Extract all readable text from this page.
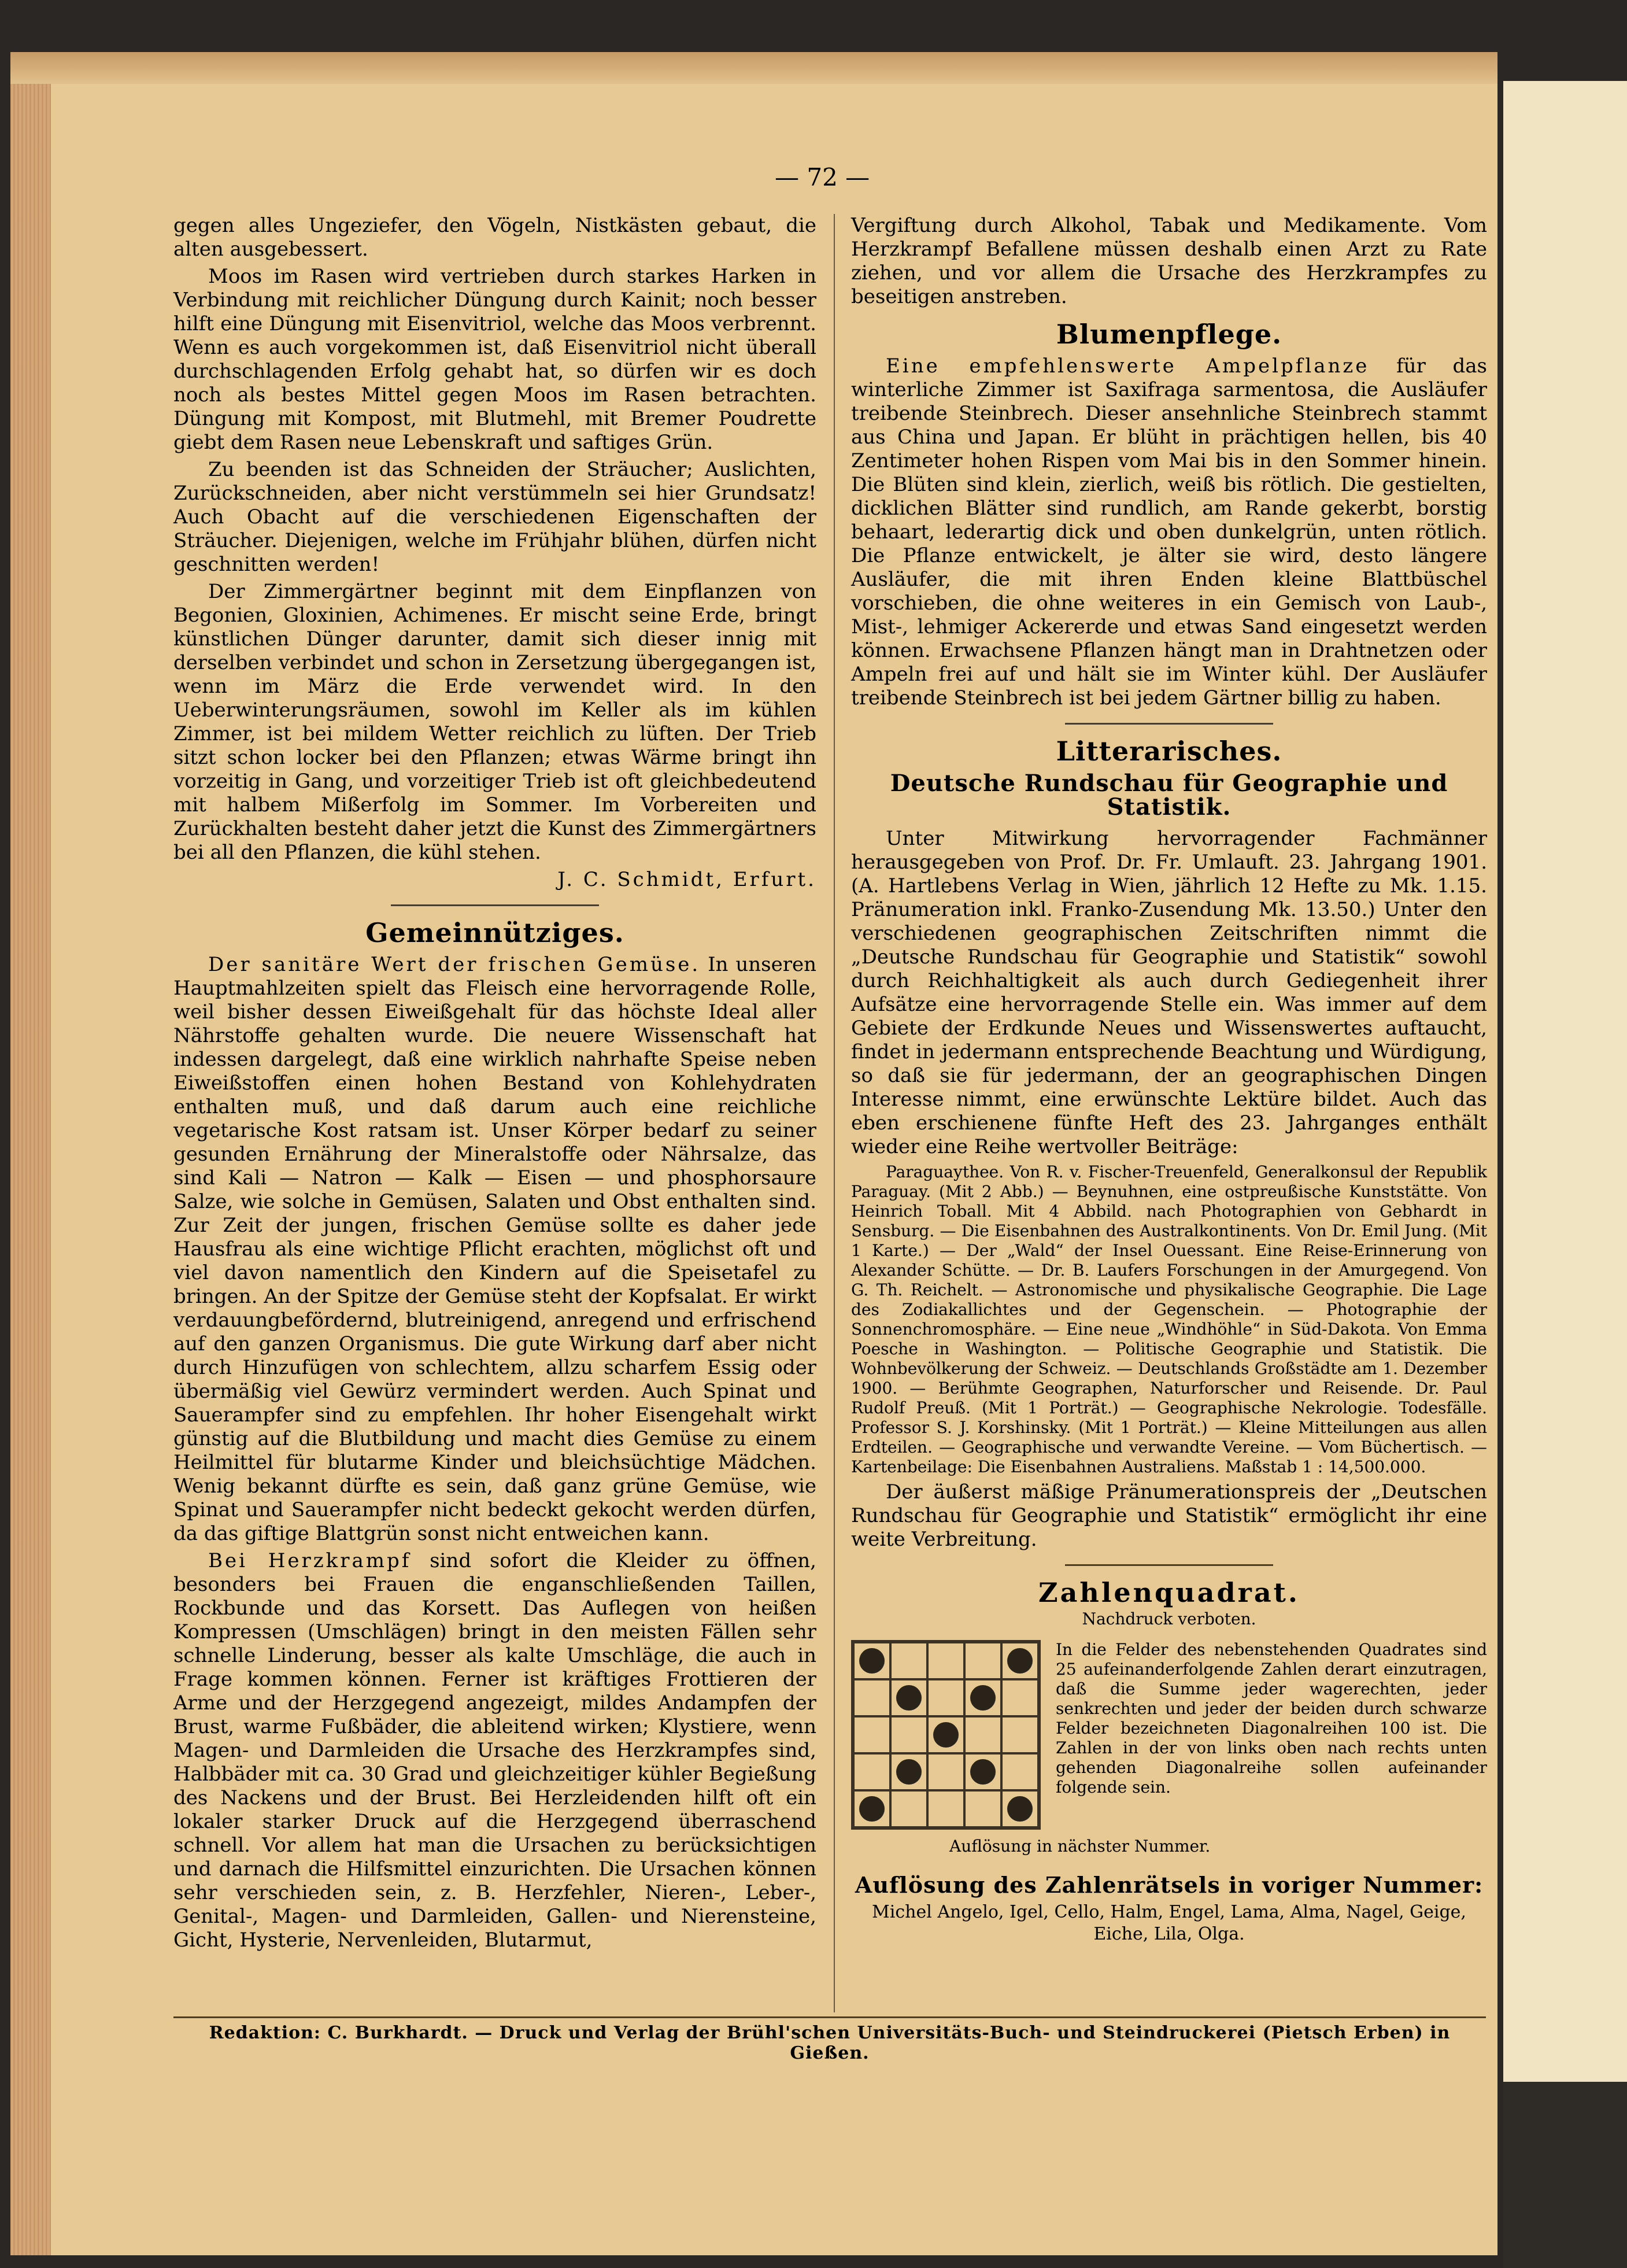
— 72 —

gegen alles Ungeziefer, den Vögeln, Nistkästen gebaut, die alten ausgebessert.

Moos im Rasen wird vertrieben durch starkes Harken in Verbindung mit reichlicher Düngung durch Kainit; noch besser hilft eine Düngung mit Eisenvitriol, welche das Moos verbrennt. Wenn es auch vorgekommen ist, daß Eisenvitriol nicht überall durchschlagenden Erfolg gehabt hat, so dürfen wir es doch noch als bestes Mittel gegen Moos im Rasen betrachten. Düngung mit Kompost, mit Blutmehl, mit Bremer Poudrette giebt dem Rasen neue Lebenskraft und saftiges Grün.

Zu beenden ist das Schneiden der Sträucher; Auslichten, Zurückschneiden, aber nicht verstümmeln sei hier Grundsatz! Auch Obacht auf die verschiedenen Eigenschaften der Sträucher. Diejenigen, welche im Frühjahr blühen, dürfen nicht geschnitten werden!

Der Zimmergärtner beginnt mit dem Einpflanzen von Begonien, Gloxinien, Achimenes. Er mischt seine Erde, bringt künstlichen Dünger darunter, damit sich dieser innig mit derselben verbindet und schon in Zersetzung übergegangen ist, wenn im März die Erde verwendet wird. In den Ueberwinterungsräumen, sowohl im Keller als im kühlen Zimmer, ist bei mildem Wetter reichlich zu lüften. Der Trieb sitzt schon locker bei den Pflanzen; etwas Wärme bringt ihn vorzeitig in Gang, und vorzeitiger Trieb ist oft gleichbedeutend mit halbem Mißerfolg im Sommer. Im Vorbereiten und Zurückhalten besteht daher jetzt die Kunst des Zimmergärtners bei all den Pflanzen, die kühl stehen.

J. C. Schmidt, Erfurt.

Gemeinnütziges.

Der sanitäre Wert der frischen Gemüse. In unseren Hauptmahlzeiten spielt das Fleisch eine hervorragende Rolle, weil bisher dessen Eiweißgehalt für das höchste Ideal aller Nährstoffe gehalten wurde. Die neuere Wissenschaft hat indessen dargelegt, daß eine wirklich nahrhafte Speise neben Eiweißstoffen einen hohen Bestand von Kohlehydraten enthalten muß, und daß darum auch eine reichliche vegetarische Kost ratsam ist. Unser Körper bedarf zu seiner gesunden Ernährung der Mineralstoffe oder Nährsalze, das sind Kali — Natron — Kalk — Eisen — und phosphorsaure Salze, wie solche in Gemüsen, Salaten und Obst enthalten sind. Zur Zeit der jungen, frischen Gemüse sollte es daher jede Hausfrau als eine wichtige Pflicht erachten, möglichst oft und viel davon namentlich den Kindern auf die Speisetafel zu bringen. An der Spitze der Gemüse steht der Kopfsalat. Er wirkt verdauungbefördernd, blutreinigend, anregend und erfrischend auf den ganzen Organismus. Die gute Wirkung darf aber nicht durch Hinzufügen von schlechtem, allzu scharfem Essig oder übermäßig viel Gewürz vermindert werden. Auch Spinat und Sauerampfer sind zu empfehlen. Ihr hoher Eisengehalt wirkt günstig auf die Blutbildung und macht dies Gemüse zu einem Heilmittel für blutarme Kinder und bleichsüchtige Mädchen. Wenig bekannt dürfte es sein, daß ganz grüne Gemüse, wie Spinat und Sauerampfer nicht bedeckt gekocht werden dürfen, da das giftige Blattgrün sonst nicht entweichen kann.

Bei Herzkrampf sind sofort die Kleider zu öffnen, besonders bei Frauen die enganschließenden Taillen, Rockbunde und das Korsett. Das Auflegen von heißen Kompressen (Umschlägen) bringt in den meisten Fällen sehr schnelle Linderung, besser als kalte Umschläge, die auch in Frage kommen können. Ferner ist kräftiges Frottieren der Arme und der Herzgegend angezeigt, mildes Andampfen der Brust, warme Fußbäder, die ableitend wirken; Klystiere, wenn Magen- und Darmleiden die Ursache des Herzkrampfes sind, Halbbäder mit ca. 30 Grad und gleichzeitiger kühler Begießung des Nackens und der Brust. Bei Herzleidenden hilft oft ein lokaler starker Druck auf die Herzgegend überraschend schnell. Vor allem hat man die Ursachen zu berücksichtigen und darnach die Hilfsmittel einzurichten. Die Ursachen können sehr verschieden sein, z. B. Herzfehler, Nieren-, Leber-, Genital-, Magen- und Darmleiden, Gallen- und Nierensteine, Gicht, Hysterie, Nervenleiden, Blutarmut,

Vergiftung durch Alkohol, Tabak und Medikamente. Vom Herzkrampf Befallene müssen deshalb einen Arzt zu Rate ziehen, und vor allem die Ursache des Herzkrampfes zu beseitigen anstreben.

Blumenpflege.

Eine empfehlenswerte Ampelpflanze für das winterliche Zimmer ist Saxifraga sarmentosa, die Ausläufer treibende Steinbrech. Dieser ansehnliche Steinbrech stammt aus China und Japan. Er blüht in prächtigen hellen, bis 40 Zentimeter hohen Rispen vom Mai bis in den Sommer hinein. Die Blüten sind klein, zierlich, weiß bis rötlich. Die gestielten, dicklichen Blätter sind rundlich, am Rande gekerbt, borstig behaart, lederartig dick und oben dunkelgrün, unten rötlich. Die Pflanze entwickelt, je älter sie wird, desto längere Ausläufer, die mit ihren Enden kleine Blattbüschel vorschieben, die ohne weiteres in ein Gemisch von Laub-, Mist-, lehmiger Ackererde und etwas Sand eingesetzt werden können. Erwachsene Pflanzen hängt man in Drahtnetzen oder Ampeln frei auf und hält sie im Winter kühl. Der Ausläufer treibende Steinbrech ist bei jedem Gärtner billig zu haben.

Litterarisches.
Deutsche Rundschau für Geographie und Statistik.

Unter Mitwirkung hervorragender Fachmänner herausgegeben von Prof. Dr. Fr. Umlauft. 23. Jahrgang 1901. (A. Hartlebens Verlag in Wien, jährlich 12 Hefte zu Mk. 1.15. Pränumeration inkl. Franko-Zusendung Mk. 13.50.) Unter den verschiedenen geographischen Zeitschriften nimmt die „Deutsche Rundschau für Geographie und Statistik“ sowohl durch Reichhaltigkeit als auch durch Gediegenheit ihrer Aufsätze eine hervorragende Stelle ein. Was immer auf dem Gebiete der Erdkunde Neues und Wissenswertes auftaucht, findet in jedermann entsprechende Beachtung und Würdigung, so daß sie für jedermann, der an geographischen Dingen Interesse nimmt, eine erwünschte Lektüre bildet. Auch das eben erschienene fünfte Heft des 23. Jahrganges enthält wieder eine Reihe wertvoller Beiträge:

Paraguaythee. Von R. v. Fischer-Treuenfeld, Generalkonsul der Republik Paraguay. (Mit 2 Abb.) — Beynuhnen, eine ostpreußische Kunststätte. Von Heinrich Toball. Mit 4 Abbild. nach Photographien von Gebhardt in Sensburg. — Die Eisenbahnen des Australkontinents. Von Dr. Emil Jung. (Mit 1 Karte.) — Der „Wald“ der Insel Ouessant. Eine Reise-Erinnerung von Alexander Schütte. — Dr. B. Laufers Forschungen in der Amurgegend. Von G. Th. Reichelt. — Astronomische und physikalische Geographie. Die Lage des Zodiakallichtes und der Gegenschein. — Photographie der Sonnenchromosphäre. — Eine neue „Windhöhle“ in Süd-Dakota. Von Emma Poesche in Washington. — Politische Geographie und Statistik. Die Wohnbevölkerung der Schweiz. — Deutschlands Großstädte am 1. Dezember 1900. — Berühmte Geographen, Naturforscher und Reisende. Dr. Paul Rudolf Preuß. (Mit 1 Porträt.) — Geographische Nekrologie. Todesfälle. Professor S. J. Korshinsky. (Mit 1 Porträt.) — Kleine Mitteilungen aus allen Erdteilen. — Geographische und verwandte Vereine. — Vom Büchertisch. — Kartenbeilage: Die Eisenbahnen Australiens. Maßstab 1 : 14,500.000.

Der äußerst mäßige Pränumerationspreis der „Deutschen Rundschau für Geographie und Statistik“ ermöglicht ihr eine weite Verbreitung.

Zahlenquadrat.
Nachdruck verboten.
In die Felder des nebenstehenden Quadrates sind 25 aufeinanderfolgende Zahlen derart einzutragen, daß die Summe jeder wagerechten, jeder senkrechten und jeder der beiden durch schwarze Felder bezeichneten Diagonalreihen 100 ist. Die Zahlen in der von links oben nach rechts unten gehenden Diagonalreihe sollen aufeinander folgende sein.
Auflösung in nächster Nummer.
Auflösung des Zahlenrätsels in voriger Nummer:
Michel Angelo, Igel, Cello, Halm, Engel, Lama, Alma, Nagel, Geige, Eiche, Lila, Olga.
Redaktion: C. Burkhardt. — Druck und Verlag der Brühl'schen Universitäts-Buch- und Steindruckerei (Pietsch Erben) in Gießen.
